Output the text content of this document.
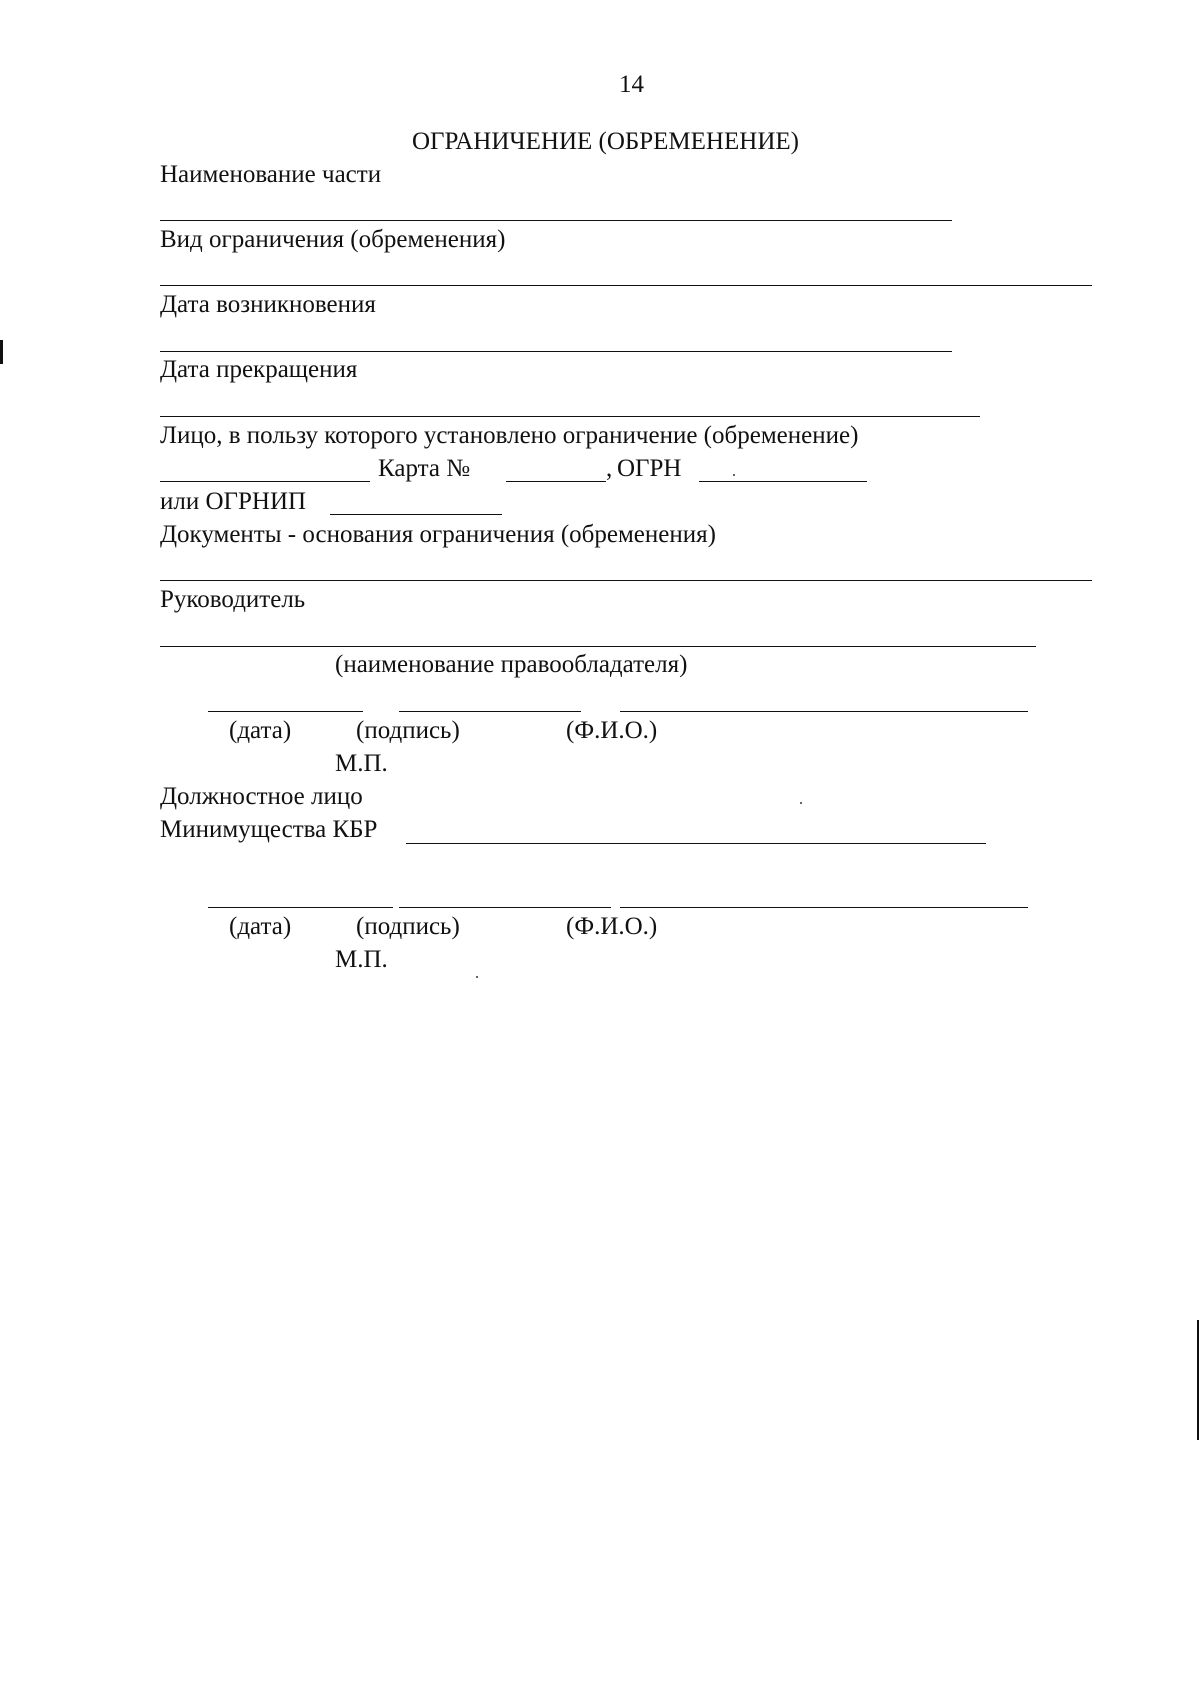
14
ОГРАНИЧЕНИЕ (ОБРЕМЕНЕНИЕ)
Наименование части
Вид ограничения (обременения)
Дата возникновения
Дата прекращения
Лицо, в пользу которого установлено ограничение (обременение)
Карта №	, ОГРН
или ОГРНИП
Документы - основания ограничения (обременения)
Руководитель
(наименование правообладателя)
(дата)	(подпись)	(Ф.И.О.)
М.П.
Должностное лицо
Минимущества КБР
(дата)	(подпись)	(Ф.И.О.)
М.П.
